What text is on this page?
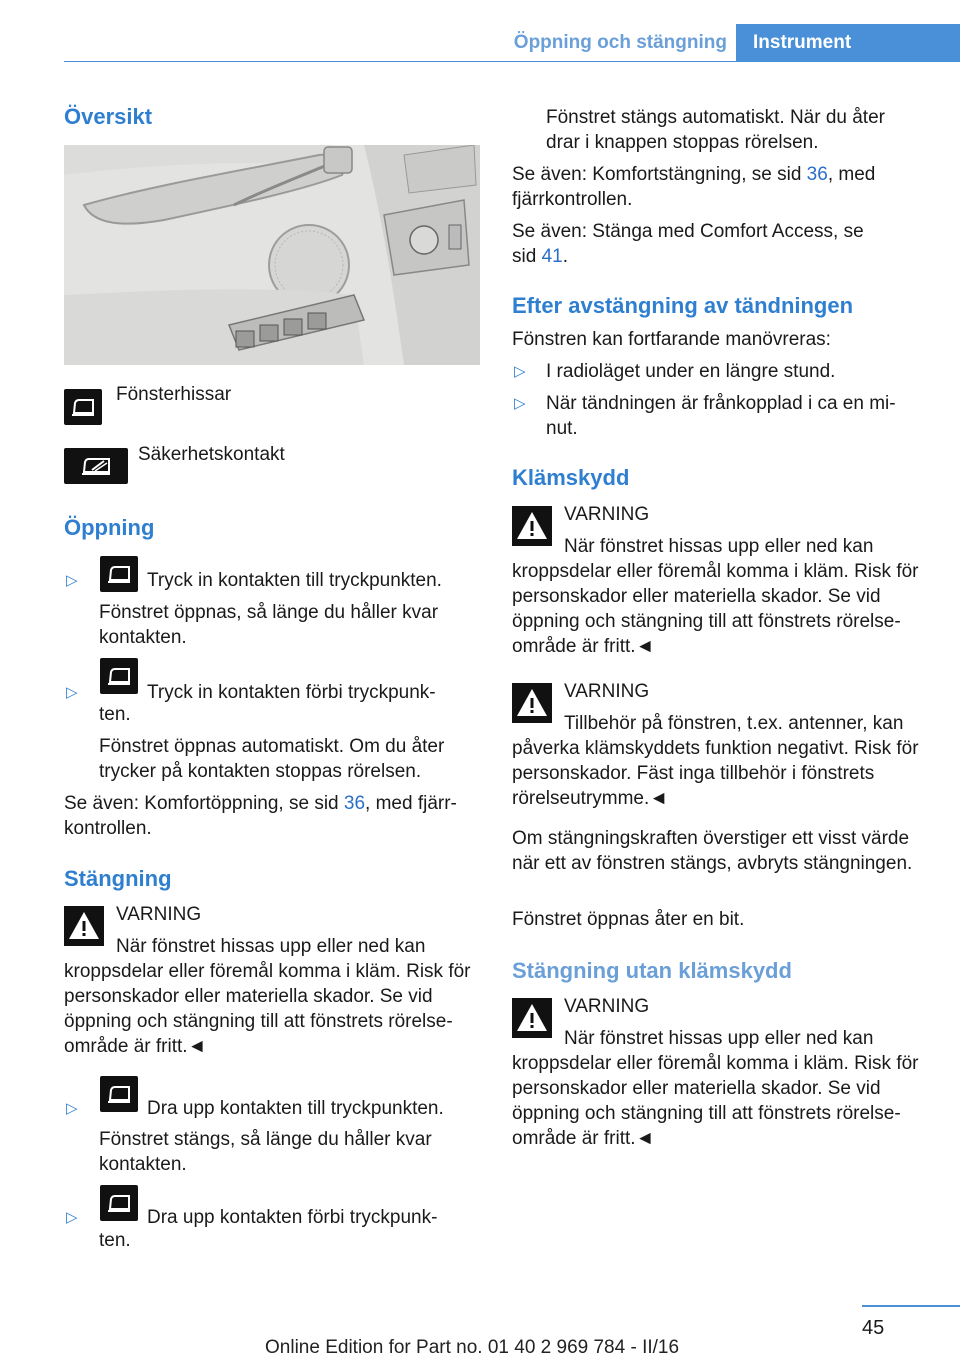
Öppning och stängning	Instrument
Översikt
Fönsterhissar
Säkerhetskontakt
Öppning
▷	Tryck in kontakten till tryckpunkten.
Fönstret öppnas, så länge du håller kvar kontakten.
▷	Tryck in kontakten förbi tryckpunk-
ten.
Fönstret öppnas automatiskt. Om du åter trycker på kontakten stoppas rörelsen.
Se även: Komfortöppning, se sid 36, med fjärr-
kontrollen.
Stängning
VARNING
När fönstret hissas upp eller ned kan kroppsdelar eller föremål komma i kläm. Risk för personskador eller materiella skador. Se vid öppning och stängning till att fönstrets rörelseområde är fritt.◄
▷	Dra upp kontakten till tryckpunkten.
Fönstret stängs, så länge du håller kvar kontakten.
▷	Dra upp kontakten förbi tryckpunk-
ten.
Fönstret stängs automatiskt. När du åter drar i knappen stoppas rörelsen.
Se även: Komfortstängning, se sid 36, med fjärrkontrollen.
Se även: Stänga med Comfort Access, se sid 41.
Efter avstängning av tändningen
Fönstren kan fortfarande manövreras:
▷ I radioläget under en längre stund.
▷ När tändningen är frånkopplad i ca en minut.
Klämskydd
VARNING
När fönstret hissas upp eller ned kan kroppsdelar eller föremål komma i kläm. Risk för personskador eller materiella skador. Se vid öppning och stängning till att fönstrets rörelseområde är fritt.◄
VARNING
Tillbehör på fönstren, t.ex. antenner, kan påverka klämskyddets funktion negativt. Risk för personskador. Fäst inga tillbehör i fönstrets rörelseutrymme.◄
Om stängningskraften överstiger ett visst värde när ett av fönstren stängs, avbryts stängningen.
Fönstret öppnas åter en bit.
Stängning utan klämskydd
VARNING
När fönstret hissas upp eller ned kan kroppsdelar eller föremål komma i kläm. Risk för personskador eller materiella skador. Se vid öppning och stängning till att fönstrets rörelseområde är fritt.◄
45
Online Edition for Part no. 01 40 2 969 784 - II/16
